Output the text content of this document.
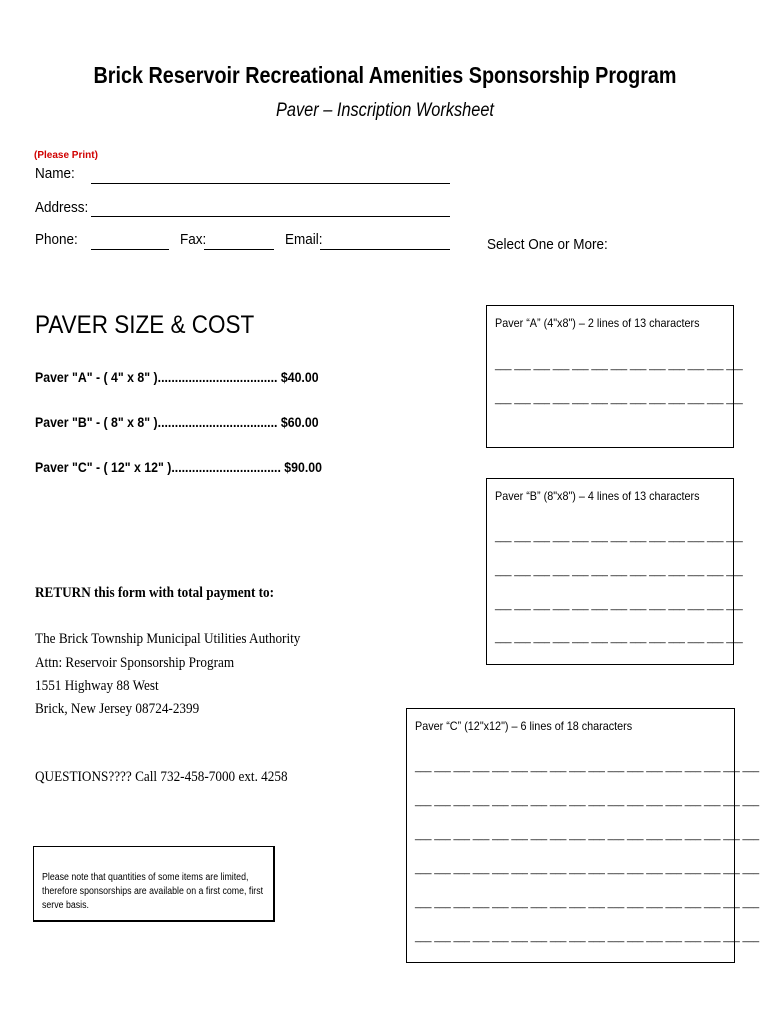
Brick Reservoir Recreational Amenities Sponsorship Program
Paver – Inscription Worksheet
(Please Print)
Name:
Address:
Phone:	Fax:	Email:	Select One or More:
PAVER SIZE & COST
Paver "A" - ( 4" x 8" )................................... $40.00
Paver "B" - ( 8" x 8" )................................... $60.00
Paver "C" - ( 12" x 12" )................................ $90.00
RETURN this form with total payment to:
The Brick Township Municipal Utilities Authority
Attn: Reservoir Sponsorship Program
1551 Highway 88 West
Brick, New Jersey 08724-2399
QUESTIONS???? Call 732-458-7000 ext. 4258
Please note that quantities of some items are limited, therefore sponsorships are available on a first come, first serve basis.
Paver “A” (4"x8") – 2 lines of 13 characters
___ ___ ___ ___ ___ ___ ___ ___ ___ ___ ___ ___ ___
___ ___ ___ ___ ___ ___ ___ ___ ___ ___ ___ ___ ___
Paver “B” (8"x8") – 4 lines of 13 characters
___ ___ ___ ___ ___ ___ ___ ___ ___ ___ ___ ___ ___
___ ___ ___ ___ ___ ___ ___ ___ ___ ___ ___ ___ ___
___ ___ ___ ___ ___ ___ ___ ___ ___ ___ ___ ___ ___
___ ___ ___ ___ ___ ___ ___ ___ ___ ___ ___ ___ ___
Paver “C” (12"x12") – 6 lines of 18 characters
___ ___ ___ ___ ___ ___ ___ ___ ___ ___ ___ ___ ___ ___ ___ ___ ___ ___
___ ___ ___ ___ ___ ___ ___ ___ ___ ___ ___ ___ ___ ___ ___ ___ ___ ___
___ ___ ___ ___ ___ ___ ___ ___ ___ ___ ___ ___ ___ ___ ___ ___ ___ ___
___ ___ ___ ___ ___ ___ ___ ___ ___ ___ ___ ___ ___ ___ ___ ___ ___ ___
___ ___ ___ ___ ___ ___ ___ ___ ___ ___ ___ ___ ___ ___ ___ ___ ___ ___
___ ___ ___ ___ ___ ___ ___ ___ ___ ___ ___ ___ ___ ___ ___ ___ ___ ___
